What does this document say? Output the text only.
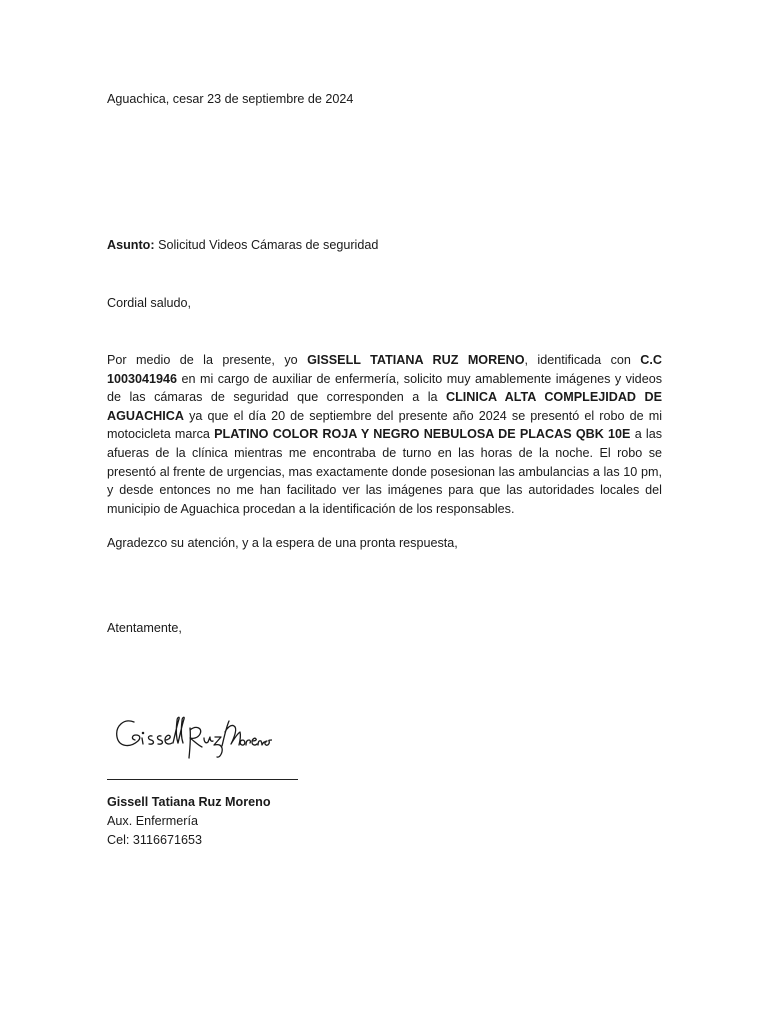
Aguachica, cesar 23 de septiembre de 2024
Asunto: Solicitud Videos Cámaras de seguridad
Cordial saludo,
Por medio de la presente, yo GISSELL TATIANA RUZ MORENO, identificada con C.C 1003041946 en mi cargo de auxiliar de enfermería, solicito muy amablemente imágenes y videos de las cámaras de seguridad que corresponden a la CLINICA ALTA COMPLEJIDAD DE AGUACHICA ya que el día 20 de septiembre del presente año 2024 se presentó el robo de mi motocicleta marca PLATINO COLOR ROJA Y NEGRO NEBULOSA DE PLACAS QBK 10E a las afueras de la clínica mientras me encontraba de turno en las horas de la noche. El robo se presentó al frente de urgencias, mas exactamente donde posesionan las ambulancias a las 10 pm, y desde entonces no me han facilitado ver las imágenes para que las autoridades locales del municipio de Aguachica procedan a la identificación de los responsables.
Agradezco su atención, y a la espera de una pronta respuesta,
Atentamente,
Gissell Tatiana Ruz Moreno
Aux. Enfermería
Cel: 3116671653
